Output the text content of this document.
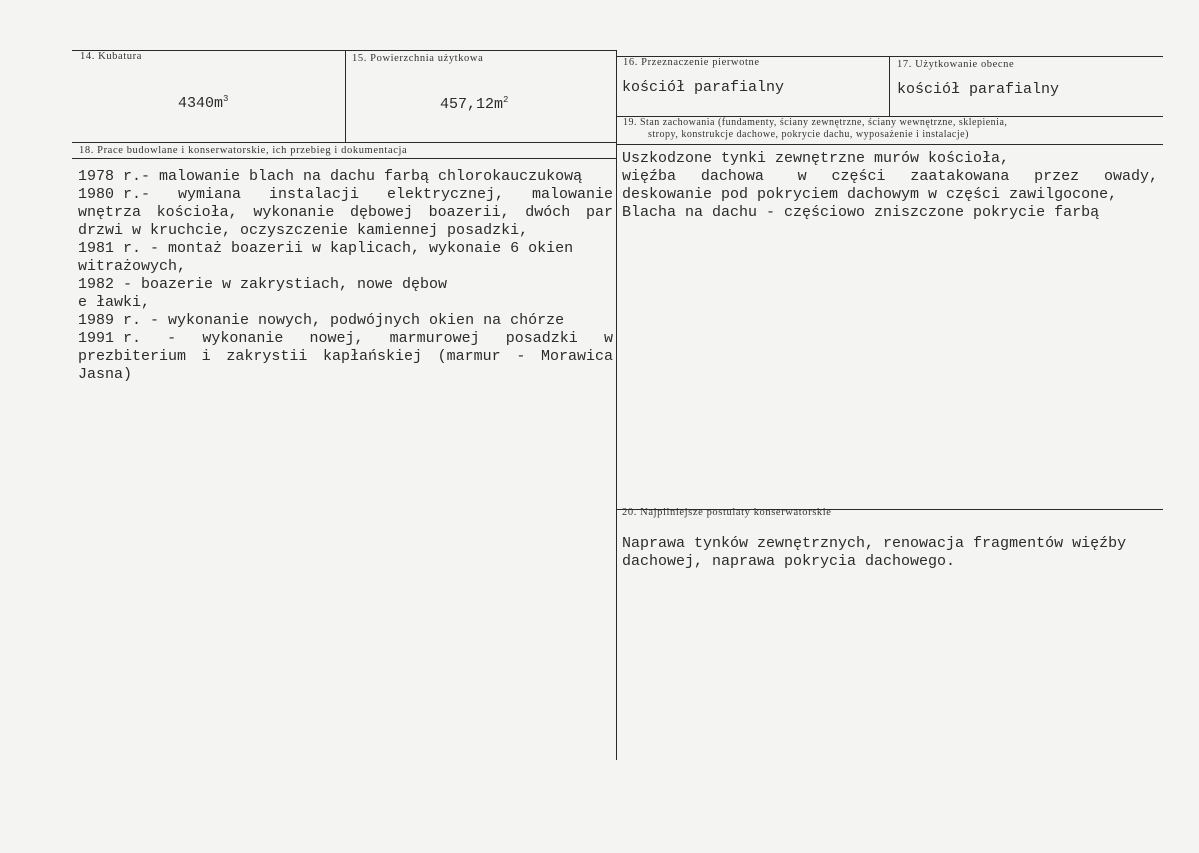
14. Kubatura
$4340m^3$
15. Powierzchnia użytkowa
$457,12m^2$
16. Przeznaczenie pierwotne
kościół parafialny
17. Użytkowanie obecne
kościół parafialny
18. Prace budowlane i konserwatorskie, ich przebieg i dokumentacja
1978 r.- malowanie blach na dachu farbą chlorokauczukową
1980 r.- wymiana instalacji elektrycznej, malowanie
wnętrza kościoła, wykonanie dębowej boazerii, dwóch par
drzwi w kruchcie, oczyszczenie kamiennej posadzki,
1981 r. - montaż boazerii w kaplicach, wykonaie 6 okien
witrażowych,
1982 - boazerie w zakrystiach, nowe dębow
e ławki,
1989 r. - wykonanie nowych, podwójnych okien na chórze
1991 r. - wykonanie nowej, marmurowej posadzki w
prezbiterium i zakrystii kapłańskiej (marmur - Morawica
Jasna)
19. Stan zachowania (fundamenty, ściany zewnętrzne, ściany wewnętrzne, sklepienia,
stropy, konstrukcje dachowe, pokrycie dachu, wyposażenie i instalacje)
Uszkodzone tynki zewnętrzne murów kościoła,
więźba dachowa w części zaatakowana przez owady,
deskowanie pod pokryciem dachowym w części zawilgocone,
Blacha na dachu - częściowo zniszczone pokrycie farbą
20. Najpilniejsze postulaty konserwatorskie
Naprawa tynków zewnętrznych, renowacja fragmentów więźby
dachowej, naprawa pokrycia dachowego.
